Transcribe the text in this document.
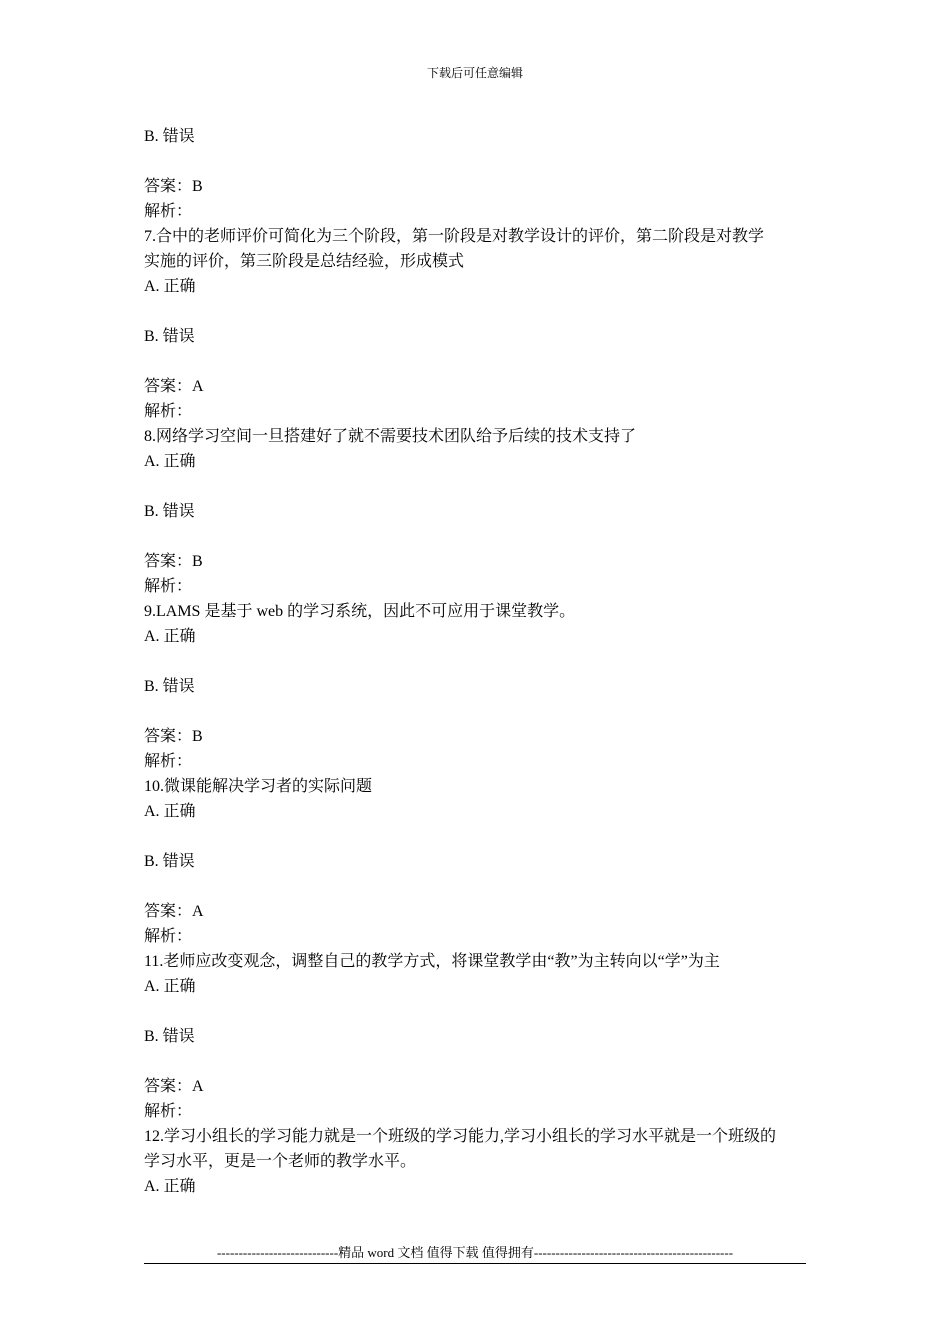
下载后可任意编辑
B. 错误
答案：B
解析：
7.合中的老师评价可简化为三个阶段，第一阶段是对教学设计的评价，第二阶段是对教学
实施的评价，第三阶段是总结经验，形成模式
A. 正确
B. 错误
答案：A
解析：
8.网络学习空间一旦搭建好了就不需要技术团队给予后续的技术支持了
A. 正确
B. 错误
答案：B
解析：
9.LAMS 是基于 web 的学习系统，因此不可应用于课堂教学。
A. 正确
B. 错误
答案：B
解析：
10.微课能解决学习者的实际问题
A. 正确
B. 错误
答案：A
解析：
11.老师应改变观念，调整自己的教学方式，将课堂教学由“教”为主转向以“学”为主
A. 正确
B. 错误
答案：A
解析：
12.学习小组长的学习能力就是一个班级的学习能力,学习小组长的学习水平就是一个班级的
学习水平，更是一个老师的教学水平。
A. 正确
----------------------------精品 word 文档 值得下载 值得拥有----------------------------------------------
